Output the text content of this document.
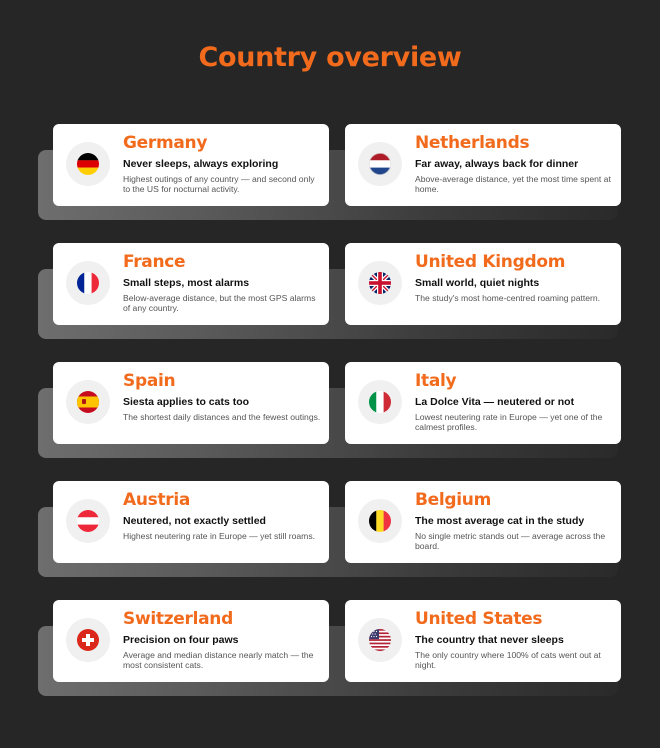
Country overview
Germany
Never sleeps, always exploring
Highest outings of any country — and second only to the US for nocturnal activity.
Netherlands
Far away, always back for dinner
Above-average distance, yet the most time spent at home.
France
Small steps, most alarms
Below-average distance, but the most GPS alarms of any country.
United Kingdom
Small world, quiet nights
The study's most home-centred roaming pattern.
Spain
Siesta applies to cats too
The shortest daily distances and the fewest outings.
Italy
La Dolce Vita — neutered or not
Lowest neutering rate in Europe — yet one of the calmest profiles.
Austria
Neutered, not exactly settled
Highest neutering rate in Europe — yet still roams.
Belgium
The most average cat in the study
No single metric stands out — average across the board.
Switzerland
Precision on four paws
Average and median distance nearly match — the most consistent cats.
United States
The country that never sleeps
The only country where 100% of cats went out at night.
